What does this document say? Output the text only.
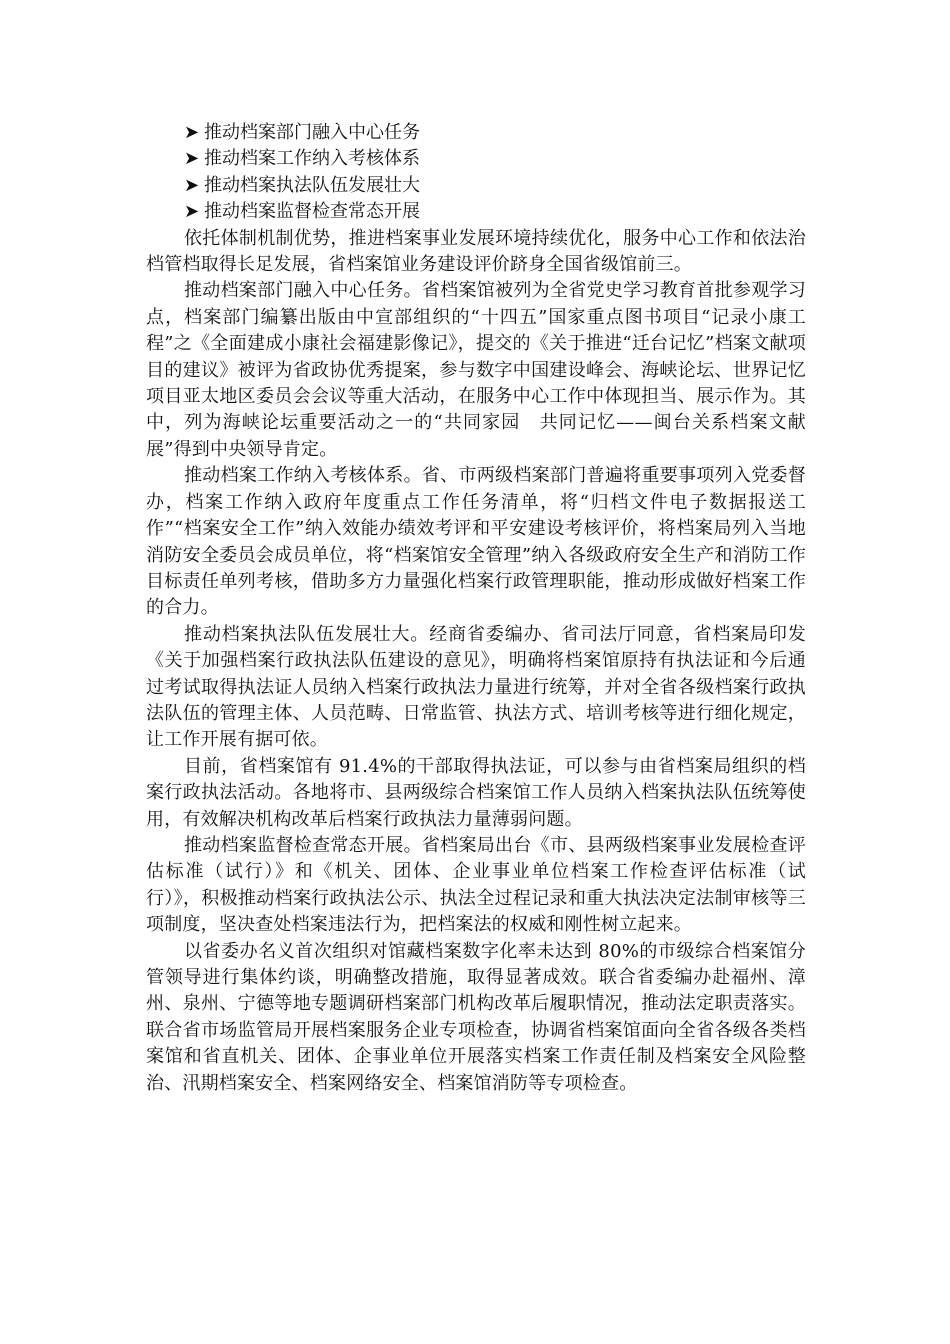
➤ 推动档案部门融入中心任务
➤ 推动档案工作纳入考核体系
➤ 推动档案执法队伍发展壮大
➤ 推动档案监督检查常态开展

依托体制机制优势，推进档案事业发展环境持续优化，服务中心工作和依法治档管档取得长足发展，省档案馆业务建设评价跻身全国省级馆前三。

推动档案部门融入中心任务。省档案馆被列为全省党史学习教育首批参观学习点，档案部门编纂出版由中宣部组织的“十四五”国家重点图书项目“记录小康工程”之《全面建成小康社会福建影像记》，提交的《关于推进“迁台记忆”档案文献项目的建议》被评为省政协优秀提案，参与数字中国建设峰会、海峡论坛、世界记忆项目亚太地区委员会会议等重大活动，在服务中心工作中体现担当、展示作为。其中，列为海峡论坛重要活动之一的“共同家园　共同记忆——闽台关系档案文献展”得到中央领导肯定。

推动档案工作纳入考核体系。省、市两级档案部门普遍将重要事项列入党委督办，档案工作纳入政府年度重点工作任务清单，将“归档文件电子数据报送工作”“档案安全工作”纳入效能办绩效考评和平安建设考核评价，将档案局列入当地消防安全委员会成员单位，将“档案馆安全管理”纳入各级政府安全生产和消防工作目标责任单列考核，借助多方力量强化档案行政管理职能，推动形成做好档案工作的合力。

推动档案执法队伍发展壮大。经商省委编办、省司法厅同意，省档案局印发《关于加强档案行政执法队伍建设的意见》，明确将档案馆原持有执法证和今后通过考试取得执法证人员纳入档案行政执法力量进行统筹，并对全省各级档案行政执法队伍的管理主体、人员范畴、日常监管、执法方式、培训考核等进行细化规定，让工作开展有据可依。

目前，省档案馆有 91.4%的干部取得执法证，可以参与由省档案局组织的档案行政执法活动。各地将市、县两级综合档案馆工作人员纳入档案执法队伍统筹使用，有效解决机构改革后档案行政执法力量薄弱问题。

推动档案监督检查常态开展。省档案局出台《市、县两级档案事业发展检查评估标准（试行）》和《机关、团体、企业事业单位档案工作检查评估标准（试行）》，积极推动档案行政执法公示、执法全过程记录和重大执法决定法制审核等三项制度，坚决查处档案违法行为，把档案法的权威和刚性树立起来。

以省委办名义首次组织对馆藏档案数字化率未达到 80%的市级综合档案馆分管领导进行集体约谈，明确整改措施，取得显著成效。联合省委编办赴福州、漳州、泉州、宁德等地专题调研档案部门机构改革后履职情况，推动法定职责落实。联合省市场监管局开展档案服务企业专项检查，协调省档案馆面向全省各级各类档案馆和省直机关、团体、企事业单位开展落实档案工作责任制及档案安全风险整治、汛期档案安全、档案网络安全、档案馆消防等专项检查。
